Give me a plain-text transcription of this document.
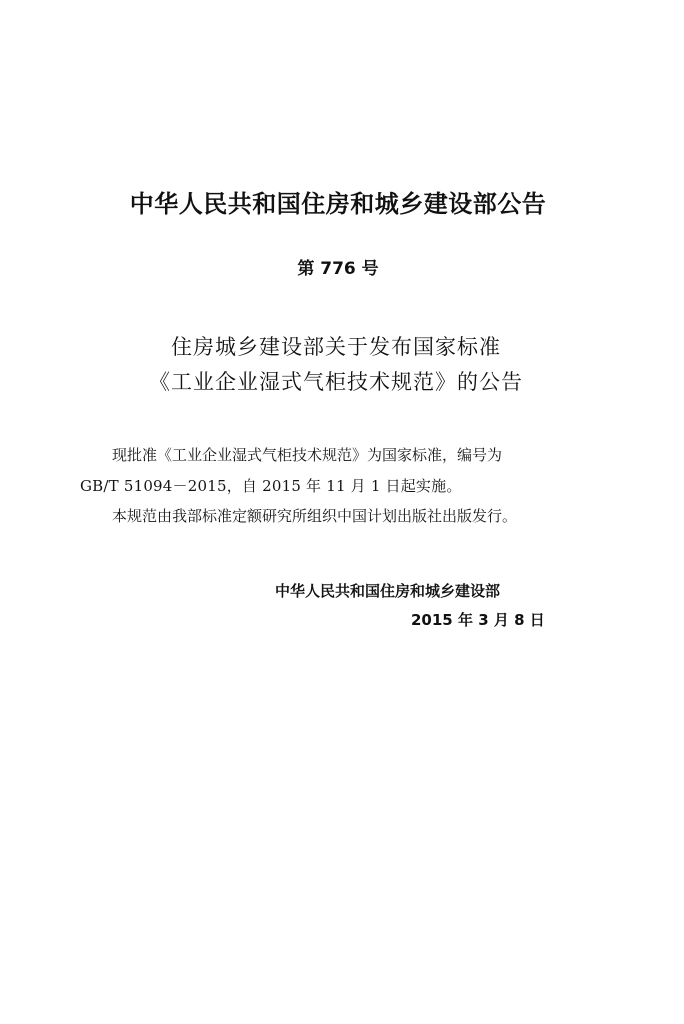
中华人民共和国住房和城乡建设部公告
第 776 号
住房城乡建设部关于发布国家标准
《工业企业湿式气柜技术规范》的公告
现批准《工业企业湿式气柜技术规范》为国家标准，编号为
GB/T 51094－2015，自 2015 年 11 月 1 日起实施。
本规范由我部标准定额研究所组织中国计划出版社出版发行。
中华人民共和国住房和城乡建设部
2015 年 3 月 8 日
